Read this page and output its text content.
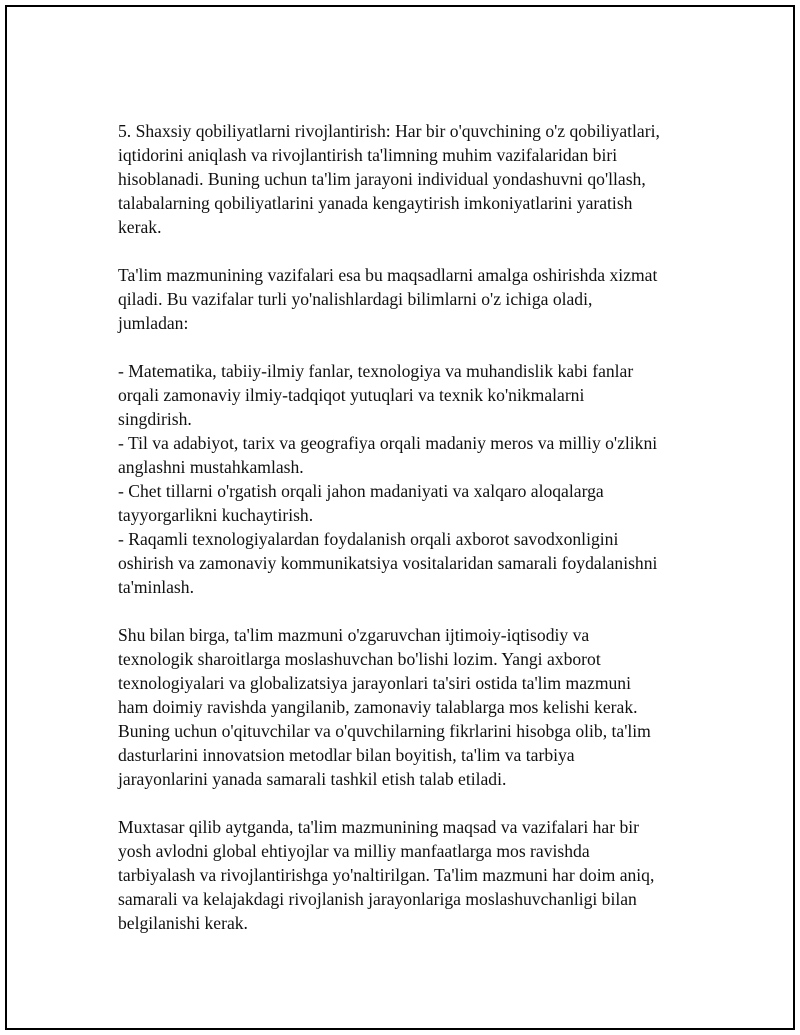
5. Shaxsiy qobiliyatlarni rivojlantirish: Har bir o'quvchining o'z qobiliyatlari,
iqtidorini aniqlash va rivojlantirish ta'limning muhim vazifalaridan biri
hisoblanadi. Buning uchun ta'lim jarayoni individual yondashuvni qo'llash,
talabalarning qobiliyatlarini yanada kengaytirish imkoniyatlarini yaratish
kerak.

Ta'lim mazmunining vazifalari esa bu maqsadlarni amalga oshirishda xizmat
qiladi. Bu vazifalar turli yo'nalishlardagi bilimlarni o'z ichiga oladi,
jumladan:

- Matematika, tabiiy-ilmiy fanlar, texnologiya va muhandislik kabi fanlar
orqali zamonaviy ilmiy-tadqiqot yutuqlari va texnik ko'nikmalarni
singdirish.
- Til va adabiyot, tarix va geografiya orqali madaniy meros va milliy o'zlikni
anglashni mustahkamlash.
- Chet tillarni o'rgatish orqali jahon madaniyati va xalqaro aloqalarga
tayyorgarlikni kuchaytirish.
- Raqamli texnologiyalardan foydalanish orqali axborot savodxonligini
oshirish va zamonaviy kommunikatsiya vositalaridan samarali foydalanishni
ta'minlash.

Shu bilan birga, ta'lim mazmuni o'zgaruvchan ijtimoiy-iqtisodiy va
texnologik sharoitlarga moslashuvchan bo'lishi lozim. Yangi axborot
texnologiyalari va globalizatsiya jarayonlari ta'siri ostida ta'lim mazmuni
ham doimiy ravishda yangilanib, zamonaviy talablarga mos kelishi kerak.
Buning uchun o'qituvchilar va o'quvchilarning fikrlarini hisobga olib, ta'lim
dasturlarini innovatsion metodlar bilan boyitish, ta'lim va tarbiya
jarayonlarini yanada samarali tashkil etish talab etiladi.

Muxtasar qilib aytganda, ta'lim mazmunining maqsad va vazifalari har bir
yosh avlodni global ehtiyojlar va milliy manfaatlarga mos ravishda
tarbiyalash va rivojlantirishga yo'naltirilgan. Ta'lim mazmuni har doim aniq,
samarali va kelajakdagi rivojlanish jarayonlariga moslashuvchanligi bilan
belgilanishi kerak.
